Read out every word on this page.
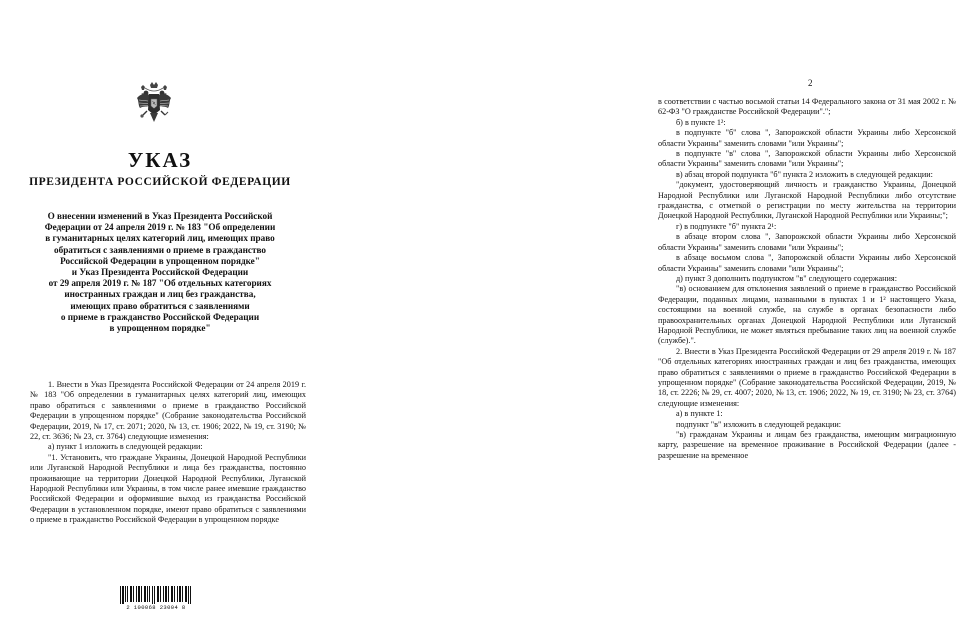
УКАЗ
ПРЕЗИДЕНТА РОССИЙСКОЙ ФЕДЕРАЦИИ
О внесении изменений в Указ Президента Российской
Федерации от 24 апреля 2019 г. № 183 "Об определении
в гуманитарных целях категорий лиц, имеющих право
обратиться с заявлениями о приеме в гражданство
Российской Федерации в упрощенном порядке"
и Указ Президента Российской Федерации
от 29 апреля 2019 г. № 187 "Об отдельных категориях
иностранных граждан и лиц без гражданства,
имеющих право обратиться с заявлениями
о приеме в гражданство Российской Федерации
в упрощенном порядке"
1. Внести в Указ Президента Российской Федерации от 24 апреля 2019 г. № 183 "Об определении в гуманитарных целях категорий лиц, имеющих право обратиться с заявлениями о приеме в гражданство Российской Федерации в упрощенном порядке" (Собрание законодательства Российской Федерации, 2019, № 17, ст. 2071; 2020, № 13, ст. 1906; 2022, № 19, ст. 3190; № 22, ст. 3636; № 23, ст. 3764) следующие изменения:
а) пункт 1 изложить в следующей редакции:
"1. Установить, что граждане Украины, Донецкой Народной Республики или Луганской Народной Республики и лица без гражданства, постоянно проживающие на территории Донецкой Народной Республики, Луганской Народной Республики или Украины, в том числе ранее имевшие гражданство Российской Федерации и оформившие выход из гражданства Российской Федерации в установленном порядке, имеют право обратиться с заявлениями о приеме в гражданство Российской Федерации в упрощенном порядке
2 100068 23004 8
2
в соответствии с частью восьмой статьи 14 Федерального закона от 31 мая 2002 г. № 62-ФЗ "О гражданстве Российской Федерации".";
б) в пункте 1²:
в подпункте "б" слова ", Запорожской области Украины либо Херсонской области Украины" заменить словами "или Украины";
в подпункте "в" слова ", Запорожской области Украины либо Херсонской области Украины" заменить словами "или Украины";
в) абзац второй подпункта "б" пункта 2 изложить в следующей редакции:
"документ, удостоверяющий личность и гражданство Украины, Донецкой Народной Республики или Луганской Народной Республики либо отсутствие гражданства, с отметкой о регистрации по месту жительства на территории Донецкой Народной Республики, Луганской Народной Республики или Украины;";
г) в подпункте "б" пункта 2¹:
в абзаце втором слова ", Запорожской области Украины либо Херсонской области Украины" заменить словами "или Украины";
в абзаце восьмом слова ", Запорожской области Украины либо Херсонской области Украины" заменить словами "или Украины";
д) пункт 3 дополнить подпунктом "в" следующего содержания:
"в) основанием для отклонения заявлений о приеме в гражданство Российской Федерации, поданных лицами, названными в пунктах 1 и 1² настоящего Указа, состоящими на военной службе, на службе в органах безопасности либо правоохранительных органах Донецкой Народной Республики или Луганской Народной Республики, не может являться пребывание таких лиц на военной службе (службе).".
2. Внести в Указ Президента Российской Федерации от 29 апреля 2019 г. № 187 "Об отдельных категориях иностранных граждан и лиц без гражданства, имеющих право обратиться с заявлениями о приеме в гражданство Российской Федерации в упрощенном порядке" (Собрание законодательства Российской Федерации, 2019, № 18, ст. 2226; № 29, ст. 4007; 2020, № 13, ст. 1906; 2022, № 19, ст. 3190; № 23, ст. 3764) следующие изменения:
а) в пункте 1:
подпункт "в" изложить в следующей редакции:
"в) гражданам Украины и лицам без гражданства, имеющим миграционную карту, разрешение на временное проживание в Российской Федерации (далее - разрешение на временное
